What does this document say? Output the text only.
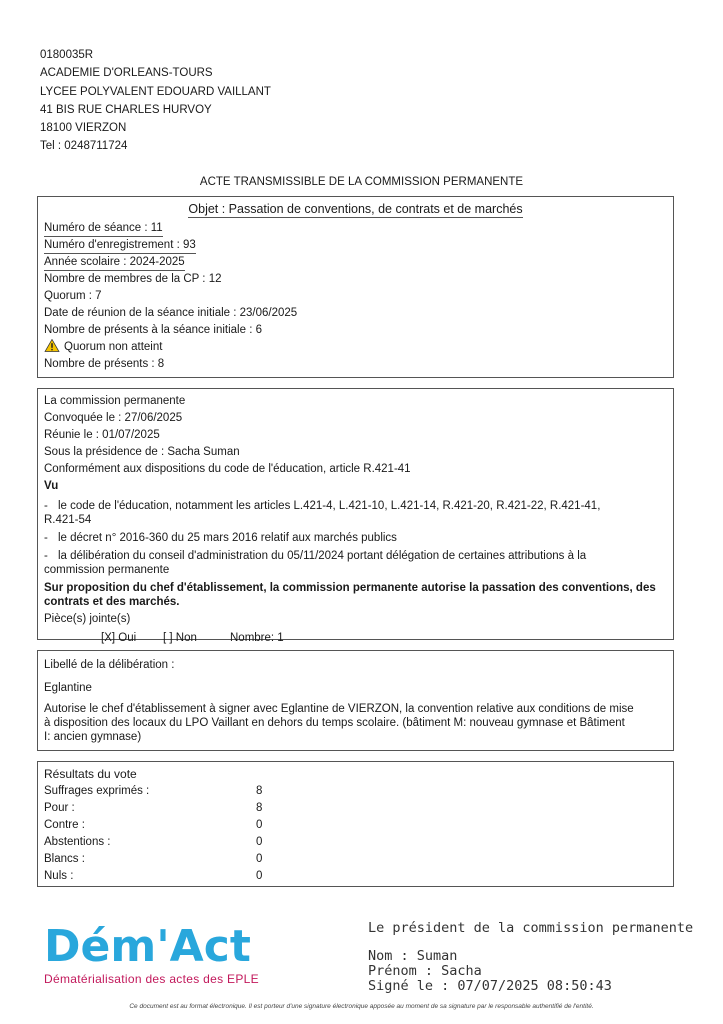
0180035R
ACADEMIE D'ORLEANS-TOURS
LYCEE POLYVALENT EDOUARD VAILLANT
41 BIS RUE CHARLES HURVOY
18100 VIERZON
Tel : 0248711724
ACTE TRANSMISSIBLE DE LA COMMISSION PERMANENTE
Objet : Passation de conventions, de contrats et de marchés
Numéro de séance : 11
Numéro d'enregistrement : 93
Année scolaire : 2024-2025
Nombre de membres de la CP : 12
Quorum : 7
Date de réunion de la séance initiale : 23/06/2025
Nombre de présents à la séance initiale : 6
Quorum non atteint
Nombre de présents : 8
La commission permanente
Convoquée le : 27/06/2025
Réunie le : 01/07/2025
Sous la présidence de : Sacha Suman
Conformément aux dispositions du code de l'éducation, article R.421-41
Vu
- le code de l'éducation, notamment les articles L.421-4, L.421-10, L.421-14, R.421-20, R.421-22, R.421-41,
R.421-54
- le décret n° 2016-360 du 25 mars 2016 relatif aux marchés publics
- la délibération du conseil d'administration du 05/11/2024 portant délégation de certaines attributions à la
commission permanente
Sur proposition du chef d'établissement, la commission permanente autorise la passation des conventions, des
contrats et des marchés.
Pièce(s) jointe(s)
[X] Oui [ ] Non	Nombre: 1
Libellé de la délibération :
Eglantine

Autorise le chef d'établissement à signer avec Eglantine de VIERZON, la convention relative aux conditions de mise
à disposition des locaux du LPO Vaillant en dehors du temps scolaire. (bâtiment M: nouveau gymnase et Bâtiment
I: ancien gymnase)

Résultats du vote
Suffrages exprimés :	8
Pour :	8
Contre :	0
Abstentions :	0
Blancs :	0
Nuls :	0
Dém'Act
Dématérialisation des actes des EPLE
Le président de la commission permanente
Nom : Suman
Prénom : Sacha
Signé le : 07/07/2025 08:50:43
Ce document est au format électronique. Il est porteur d'une signature électronique apposée au moment de sa signature par le responsable authentifié de l'entité.
